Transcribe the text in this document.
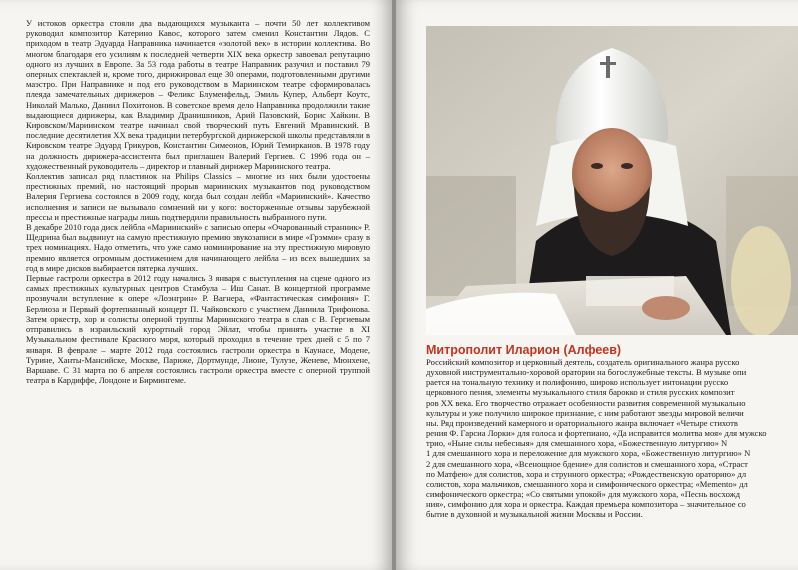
У истоков оркестра стояли два выдающихся музыканта – почти 50 лет коллективом руководил композитор Катерино Кавос, которого затем сменил Константин Лядов. С приходом в театр Эдуарда Направника начинается «золотой век» в истории коллектива. Во многом благодаря его усилиям к последней четверти XIX века оркестр завоевал репутацию одного из лучших в Европе. За 53 года работы в театре Направник разучил и поставил 79 оперных спектаклей и, кроме того, дирижировал еще 30 операми, подготовленными другими маэстро. При Направнике и под его руководством в Мариинском театре сформировалась плеяда замечательных дирижеров – Феликс Блуменфельд, Эмиль Купер, Альберт Коутс, Николай Малько, Даниил Похитонов. В советское время дело Направника продолжили такие выдающиеся дирижеры, как Владимир Дранишников, Арий Пазовский, Борис Хайкин. В Кировском/Мариинском театре начинал свой творческий путь Евгений Мравинский. В последние десятилетия XX века традиции петербургской дирижерской школы представляли в Кировском театре Эдуард Грикуров, Константин Симеонов, Юрий Темирканов. В 1978 году на должность дирижера-ассистента был приглашен Валерий Гергиев. С 1996 года он – художественный руководитель – директор и главный дирижер Мариинского театра.

Коллектив записал ряд пластинок на Philips Classics – многие из них были удостоены престижных премий, но настоящий прорыв мариинских музыкантов под руководством Валерия Гергиева состоялся в 2009 году, когда был создан лейбл «Мариинский». Качество исполнения и записи не вызывало сомнений ни у кого: восторженные отзывы зарубежной прессы и престижные награды лишь подтвердили правильность выбранного пути.

В декабре 2010 года диск лейбла «Мариинский» с записью оперы «Очарованный странник» Р. Щедрина был выдвинут на самую престижную премию звукозаписи в мире «Грэмми» сразу в трех номинациях. Надо отметить, что уже само номинирование на эту престижную мировую премию является огромным достижением для начинающего лейбла – из всех вышедших за год в мире дисков выбирается пятерка лучших.

Первые гастроли оркестра в 2012 году начались 3 января с выступления на сцене одного из самых престижных культурных центров Стамбула – Иш Санат. В концертной программе прозвучали вступление к опере «Лоэнгрин» Р. Вагнера, «Фантастическая симфония» Г. Берлиоза и Первый фортепианный концерт П. Чайковского с участием Даниила Трифонова. Затем оркестр, хор и солисты оперной труппы Мариинского театра в слав с В. Гергиевым отправились в израильский курортный город Эйлат, чтобы принять участие в XI Музыкальном фестивале Красного моря, который проходил в течение трех дней с 5 по 7 января. В феврале – марте 2012 года состоялись гастроли оркестра в Каунасе, Модене, Турине, Ханты-Мансийске, Москве, Париже, Дортмунде, Лионе, Тулузе, Женеве, Мюнхене, Варшаве. С 31 марта по 6 апреля состоялись гастроли оркестра вместе с оперной труппой театра в Кардиффе, Лондоне и Бирмингеме.

Митрополит Иларион (Алфеев)
Российский композитор и церковный деятель, создатель оригинального жанра русско
духовной инструментально-хоровой оратории на богослужебные тексты. В музыке опи
рается на тональную технику и полифонию, широко использует интонации русско
церковного пения, элементы музыкального стиля барокко и стиля русских композит
ров XX века. Его творчество отражает особенности развития современной музыкально
культуры и уже получило широкое признание, с ним работают звезды мировой величи
ны. Ряд произведений камерного и ораториального жанра включает «Четыре стихотв
рения Ф. Гарсиа Лорки» для голоса и фортепиано, «Да исправится молитва моя» для мужско
трио, «Ныне силы небесныя» для смешанного хора, «Божественную литургию» N
1 для смешанного хора и переложение для мужского хора, «Божественную литургию» N
2 для смешанного хора, «Всенощное бдение» для солистов и смешанного хора, «Страст
по Матфею» для солистов, хора и струнного оркестра; «Рождественскую ораторию» дл
солистов, хора мальчиков, смешанного хора и симфонического оркестра; «Memento» дл
симфонического оркестра; «Со святыми упокой» для мужского хора, «Песнь восхожд
ния», симфонию для хора и оркестра. Каждая премьера композитора – значительное со
бытие в духовной и музыкальной жизни Москвы и России.
